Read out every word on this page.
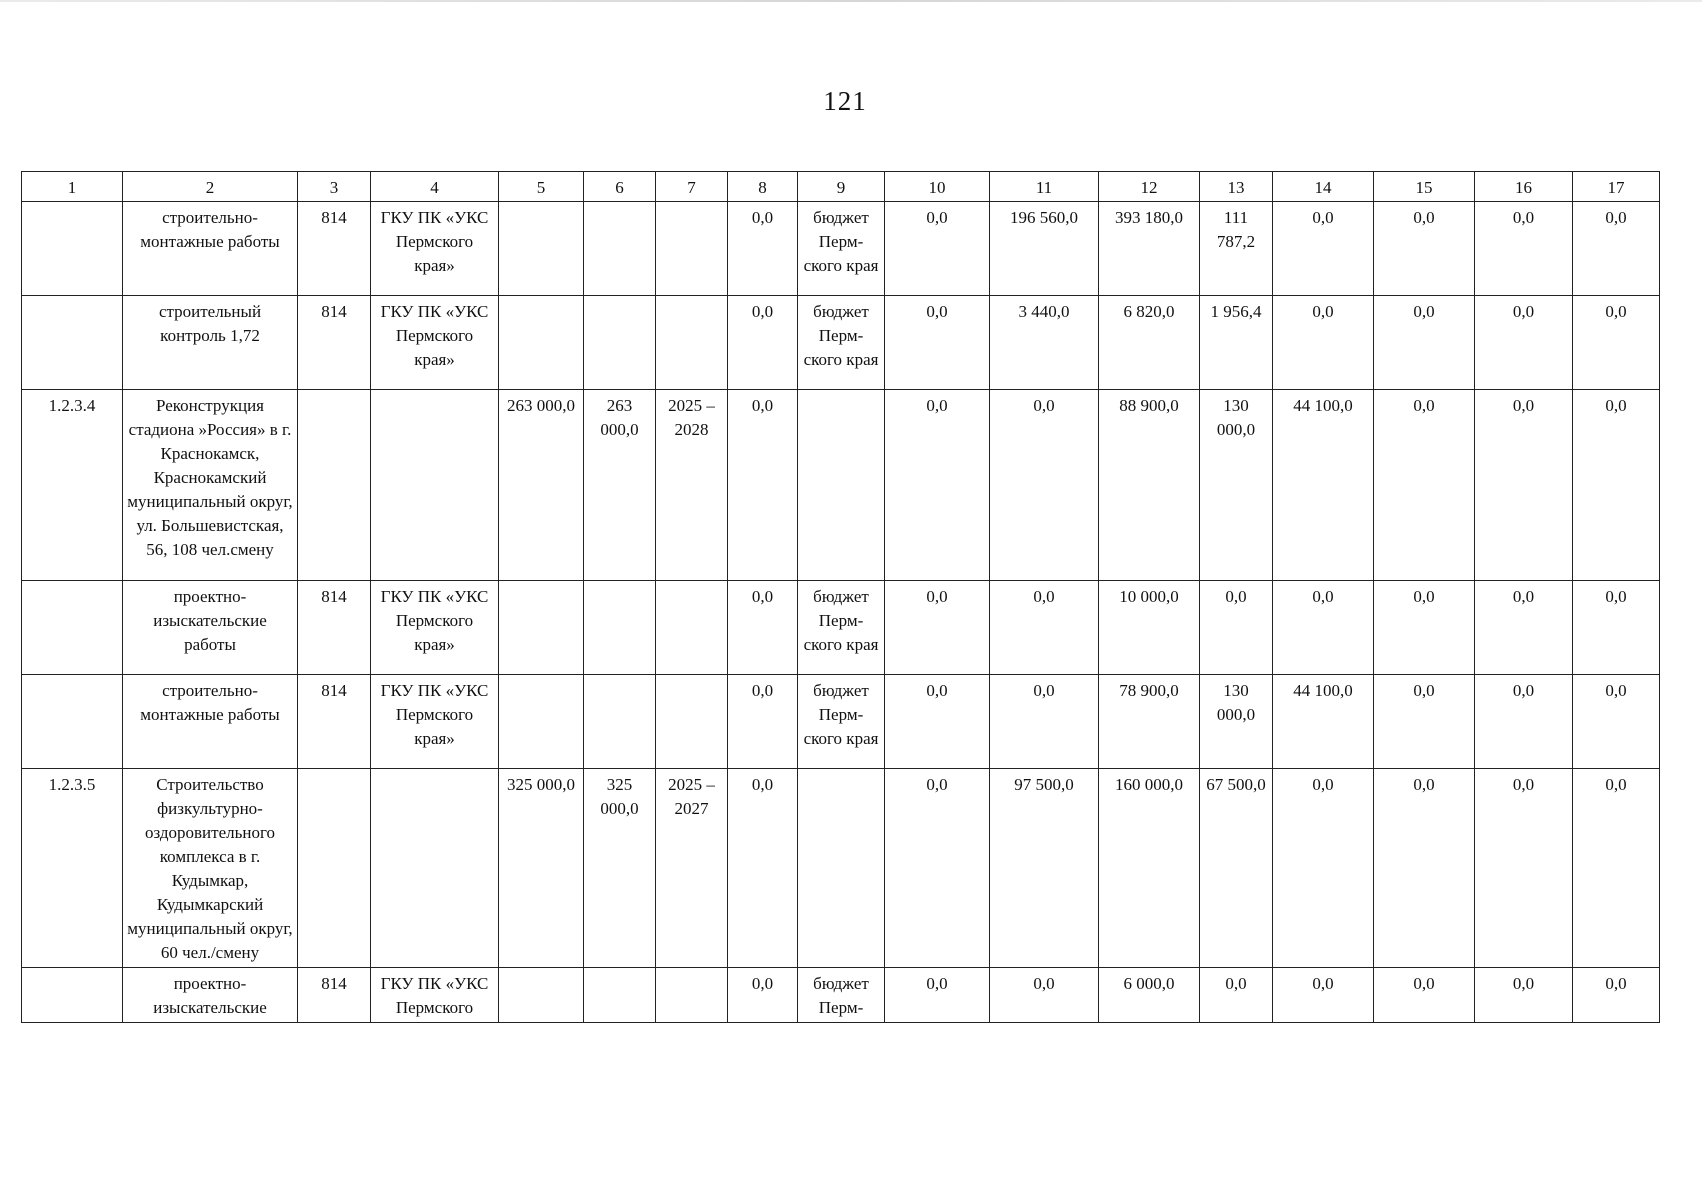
121
1	2	3	4	5	6	7	8	9	10	11	12	13	14	15	16	17
	строительно-монтажные работы	814	ГКУ ПК «УКС Пермского края»				0,0	бюджет Перм-ского края	0,0	196 560,0	393 180,0	111 787,2	0,0	0,0	0,0	0,0
	строительный контроль 1,72	814	ГКУ ПК «УКС Пермского края»				0,0	бюджет Перм-ского края	0,0	3 440,0	6 820,0	1 956,4	0,0	0,0	0,0	0,0
1.2.3.4	Реконструкция стадиона »Россия» в г. Краснокамск, Краснокамский муниципальный округ, ул. Большевистская, 56, 108 чел.смену			263 000,0	263 000,0	2025 – 2028	0,0		0,0	0,0	88 900,0	130 000,0	44 100,0	0,0	0,0	0,0
	проектно-изыскательские работы	814	ГКУ ПК «УКС Пермского края»				0,0	бюджет Перм-ского края	0,0	0,0	10 000,0	0,0	0,0	0,0	0,0	0,0
	строительно-монтажные работы	814	ГКУ ПК «УКС Пермского края»				0,0	бюджет Перм-ского края	0,0	0,0	78 900,0	130 000,0	44 100,0	0,0	0,0	0,0
1.2.3.5	Строительство физкультурно-оздоровительного комплекса в г. Кудымкар, Кудымкарский муниципальный округ, 60 чел./смену			325 000,0	325 000,0	2025 – 2027	0,0		0,0	97 500,0	160 000,0	67 500,0	0,0	0,0	0,0	0,0
	проектно-изыскательские	814	ГКУ ПК «УКС Пермского				0,0	бюджет Перм-	0,0	0,0	6 000,0	0,0	0,0	0,0	0,0	0,0
